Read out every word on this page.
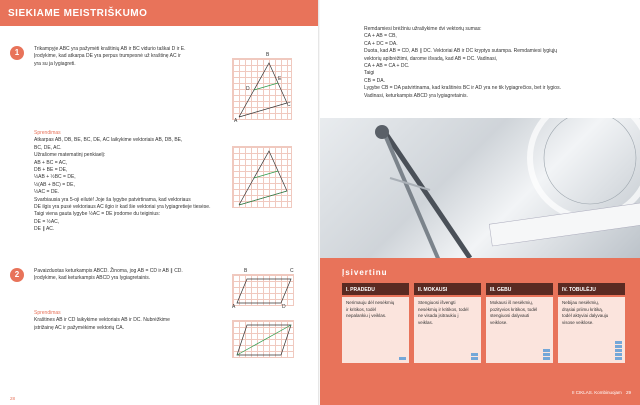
SIEKIAME MEISTRIŠKUMO
1	Trikampyje ABC yra pažymėti kraštinių AB ir BC vidurio taškai D ir E.
Įrodykime, kad atkarpa DE yra perpus trumpesnė už kraštinę AC ir
yra su ja lygiagreti.
B
D
E
C
A
Sprendimas
Atkarpas AB, DB, BE, BC, DE, AC laikykime vektoriais AB, DB, BE,
BC, DE, AC.
Užrašome matematinį penkiaelį:
AB + BC = AC,
DB + BE = DE,
½AB + ½BC = DE,
½(AB + BC) = DE,
½AC = DE.
Svarbiausia yra 5-oji eilutė! Joje ša lygybe patvirtinama, kad vektoriaus
DE ilgis yra pusė vektoriaus AC ilgio ir kad šie vektoriai yra lygiagretieje tiesėse.
Taigi viena gauta lygybe ½AC = DE įrodome du teiginius:
DE = ½AC,
DE ∥ AC.
2	Pavaizduotas keturkampis ABCD. Žinoma, jog AB = CD ir AB ∥ CD.
Įrodykime, kad keturkampis ABCD yra lygiagretainis.
B	C
A	D
Sprendimas
Kraštines AB ir CD laikykime vektoriais AB ir DC. Nubrėžkime
įstrižainę AC ir pažymėkime vektorių CA.
28
Remdamiesi brėžiniu užrašykime dvi vektorių sumas:
CA + AB = CB,
CA + DC = DA.
Duota, kad AB = CD, AB ∥ DC. Vektoriai AB ir DC kryptys sutampa. Remdamiesi lygiųjų
vektorių apibrėžtimi, darome išvadą, kad AB = DC. Vadinasi,
CA + AB = CA + DC.
Taigi
CB = DA.
Lygybe CB = DA patvirtinama, kad kraštinės BC ir AD yra ne tik lygiagrečios, bet ir lygios.
Vadinasi, keturkampis ABCD yra lygiagretainis.
Įsivertinu
I. PRADEDU
Nerimauju dėl nesėkmių ir kritikos, todėl nepalankiu į veiklas.
II. MOKAUSI
Stengiuosi išvengti nesėkmių ir kritikos, todėl ne visada įsitraukiu į veiklas.
III. GEBU
Mokausi iš nesėkmių, pozityvios kritikos, todėl stengiuosi dalyvauti veiklose.
IV. TOBULĖJU
Nebijau nesėkmių, drąsiai priimu kritiką, todėl aktyviai dalyvauju visose veiklose.
II CIKLAS. Kombinuojam 29
